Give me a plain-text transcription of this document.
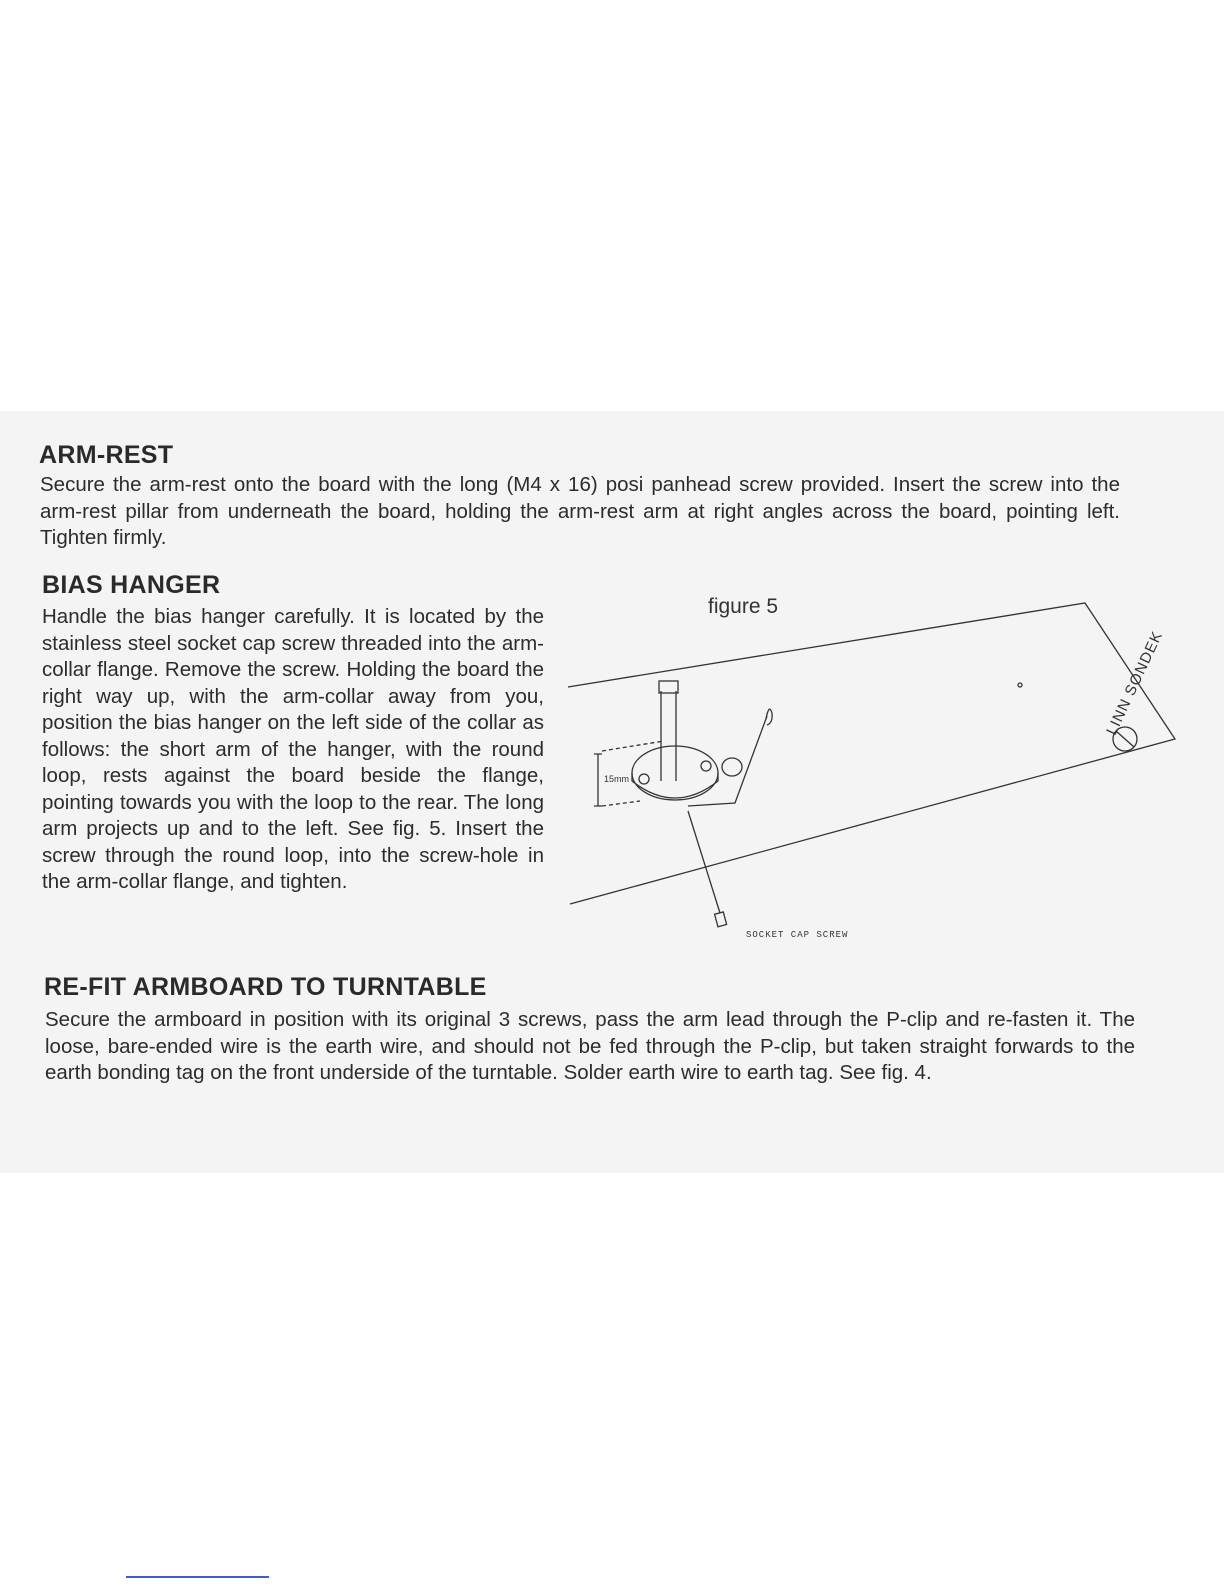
ARM-REST

Secure the arm-rest onto the board with the long (M4 x 16) posi panhead screw provided. Insert the screw into the arm-rest pillar from underneath the board, holding the arm-rest arm at right angles across the board, pointing left. Tighten firmly.

BIAS HANGER

Handle the bias hanger carefully. It is located by the stainless steel socket cap screw threaded into the arm-collar flange. Remove the screw. Holding the board the right way up, with the arm-collar away from you, position the bias hanger on the left side of the collar as follows: the short arm of the hanger, with the round loop, rests against the board beside the flange, pointing towards you with the loop to the rear. The long arm projects up and to the left. See fig. 5. Insert the screw through the round loop, into the screw-hole in the arm-collar flange, and tighten.

figure 5
15mm
SOCKET CAP SCREW
LINN SONDEK
RE-FIT ARMBOARD TO TURNTABLE

Secure the armboard in position with its original 3 screws, pass the arm lead through the P-clip and re-fasten it. The loose, bare-ended wire is the earth wire, and should not be fed through the P-clip, but taken straight forwards to the earth bonding tag on the front underside of the turntable. Solder earth wire to earth tag. See fig. 4.
